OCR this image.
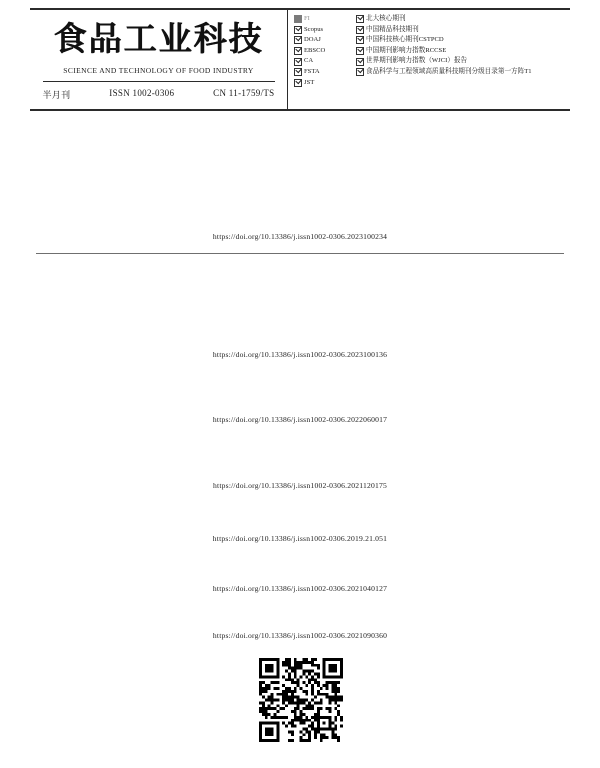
食品工业科技
SCIENCE AND TECHNOLOGY OF FOOD INDUSTRY
半月刊	ISSN 1002-0306	CN 11-1759/TS
FI
Scopus
DOAJ
EBSCO
CA
FSTA
JST
北大核心期刊
中国精品科技期刊
中国科技核心期刊CSTPCD
中国期刊影响力指数RCCSE
世界期刊影响力指数（WJCI）报告
食品科学与工程领域高质量科技期刊分级目录第一方阵T1
https://doi.org/10.13386/j.issn1002-0306.2023100234
https://doi.org/10.13386/j.issn1002-0306.2023100136
https://doi.org/10.13386/j.issn1002-0306.2022060017
https://doi.org/10.13386/j.issn1002-0306.2021120175
https://doi.org/10.13386/j.issn1002-0306.2019.21.051
https://doi.org/10.13386/j.issn1002-0306.2021040127
https://doi.org/10.13386/j.issn1002-0306.2021090360
